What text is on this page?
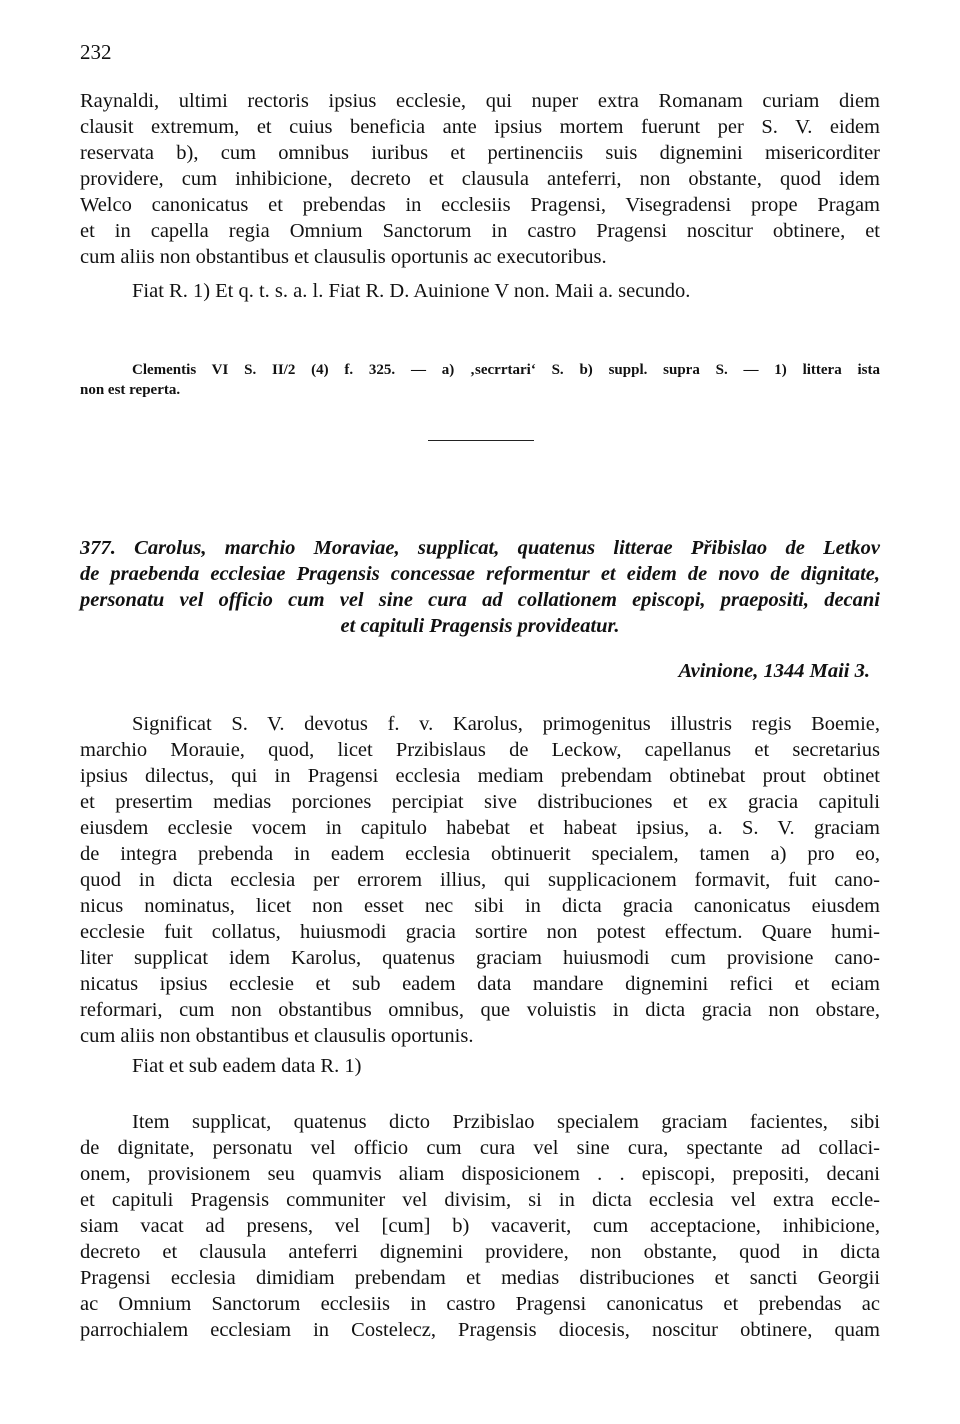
232
Raynaldi, ultimi rectoris ipsius ecclesie, qui nuper extra Romanam curiam diem
clausit extremum, et cuius beneficia ante ipsius mortem fuerunt per S. V. eidem
reservata b), cum omnibus iuribus et pertinenciis suis dignemini misericorditer
providere, cum inhibicione, decreto et clausula anteferri, non obstante, quod idem
Welco canonicatus et prebendas in ecclesiis Pragensi, Visegradensi prope Pragam
et in capella regia Omnium Sanctorum in castro Pragensi noscitur obtinere, et
cum aliis non obstantibus et clausulis oportunis ac executoribus.
Fiat R. 1) Et q. t. s. a. l. Fiat R. D. Auinione V non. Maii a. secundo.
Clementis VI S. II/2 (4) f. 325. — a) ‚secrrtari‘ S. b) suppl. supra S. — 1) littera ista
non est reperta.
377. Carolus, marchio Moraviae, supplicat, quatenus litterae Přibislao de Letkov
de praebenda ecclesiae Pragensis concessae reformentur et eidem de novo de dignitate,
personatu vel officio cum vel sine cura ad collationem episcopi, praepositi, decani
et capituli Pragensis provideatur.
Avinione, 1344 Maii 3.
Significat S. V. devotus f. v. Karolus, primogenitus illustris regis Boemie,
marchio Morauie, quod, licet Przibislaus de Leckow, capellanus et secretarius
ipsius dilectus, qui in Pragensi ecclesia mediam prebendam obtinebat prout obtinet
et presertim medias porciones percipiat sive distribuciones et ex gracia capituli
eiusdem ecclesie vocem in capitulo habebat et habeat ipsius, a. S. V. graciam
de integra prebenda in eadem ecclesia obtinuerit specialem, tamen a) pro eo,
quod in dicta ecclesia per errorem illius, qui supplicacionem formavit, fuit cano-
nicus nominatus, licet non esset nec sibi in dicta gracia canonicatus eiusdem
ecclesie fuit collatus, huiusmodi gracia sortire non potest effectum. Quare humi-
liter supplicat idem Karolus, quatenus graciam huiusmodi cum provisione cano-
nicatus ipsius ecclesie et sub eadem data mandare dignemini refici et eciam
reformari, cum non obstantibus omnibus, que voluistis in dicta gracia non obstare,
cum aliis non obstantibus et clausulis oportunis.
Fiat et sub eadem data R. 1)
Item supplicat, quatenus dicto Przibislao specialem graciam facientes, sibi
de dignitate, personatu vel officio cum cura vel sine cura, spectante ad collaci-
onem, provisionem seu quamvis aliam disposicionem . . episcopi, prepositi, decani
et capituli Pragensis communiter vel divisim, si in dicta ecclesia vel extra eccle-
siam vacat ad presens, vel [cum] b) vacaverit, cum acceptacione, inhibicione,
decreto et clausula anteferri dignemini providere, non obstante, quod in dicta
Pragensi ecclesia dimidiam prebendam et medias distribuciones et sancti Georgii
ac Omnium Sanctorum ecclesiis in castro Pragensi canonicatus et prebendas ac
parrochialem ecclesiam in Costelecz, Pragensis diocesis, noscitur obtinere, quam
